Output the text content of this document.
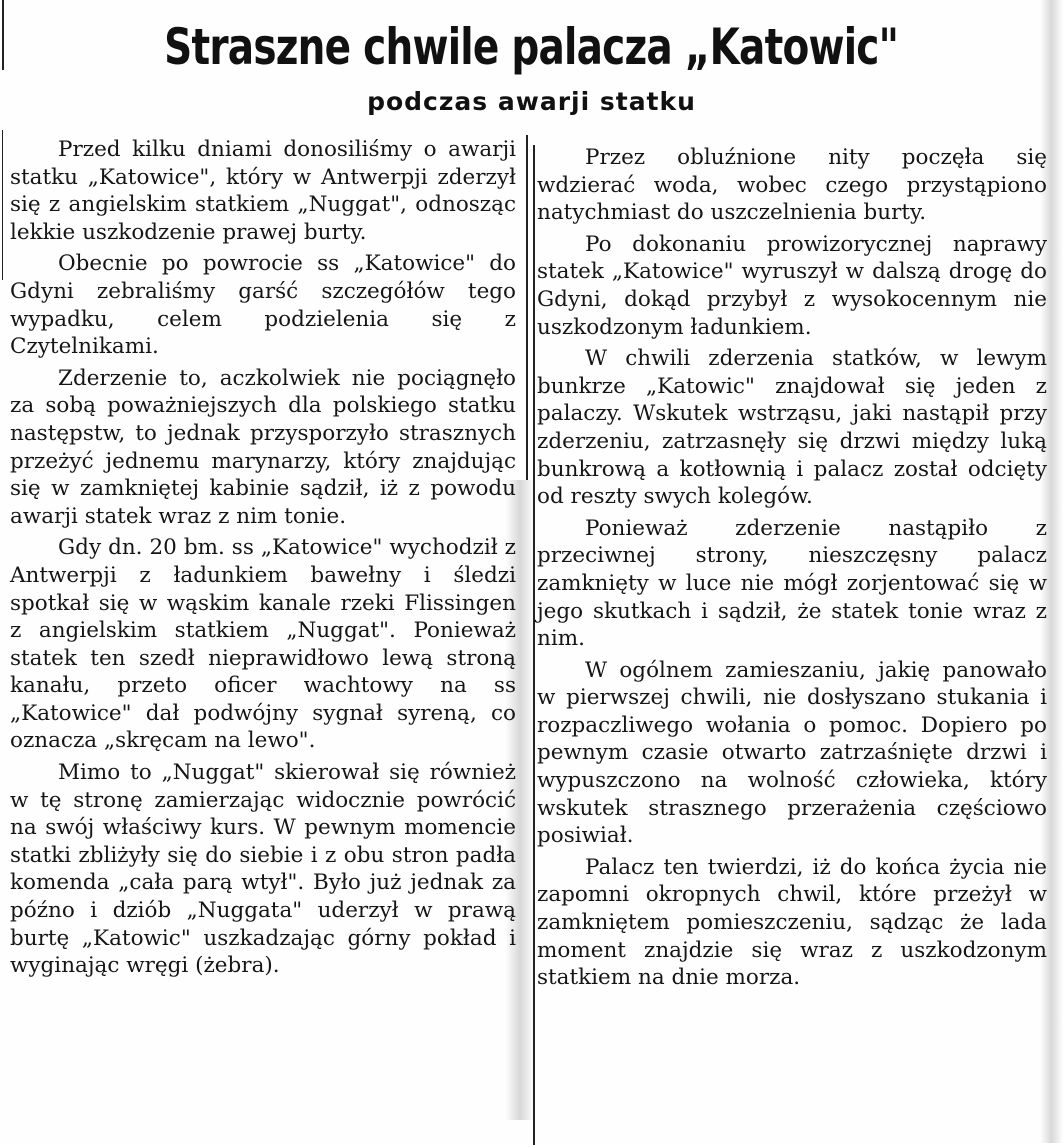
Straszne chwile palacza „Katowic"
podczas awarji statku

Przed kilku dniami donosiliśmy o awarji statku „Katowice", który w Antwerpji zderzył się z angielskim statkiem „Nuggat", odnosząc lekkie uszkodzenie prawej burty.

Obecnie po powrocie ss „Katowice" do Gdyni zebraliśmy garść szczegółów tego wypadku, celem podzielenia się z Czytelnikami.

Zderzenie to, aczkolwiek nie pociągnęło za sobą poważniejszych dla polskiego statku następstw, to jednak przysporzyło strasznych przeżyć jednemu marynarzy, który znajdując się w zamkniętej kabinie sądził, iż z powodu awarji statek wraz z nim tonie.

Gdy dn. 20 bm. ss „Katowice" wychodził z Antwerpji z ładunkiem bawełny i śledzi spotkał się w wąskim kanale rzeki Flissingen z angielskim statkiem „Nuggat". Ponieważ statek ten szedł nieprawidłowo lewą stroną kanału, przeto oficer wachtowy na ss „Katowice" dał podwójny sygnał syreną, co oznacza „skręcam na lewo".

Mimo to „Nuggat" skierował się również w tę stronę zamierzając widocznie powrócić na swój właściwy kurs. W pewnym momencie statki zbliżyły się do siebie i z obu stron padła komenda „cała parą wtył". Było już jednak za późno i dziób „Nuggata" uderzył w prawą burtę „Katowic" uszkadzając górny pokład i wyginając wręgi (żebra).

Przez obluźnione nity poczęła się wdzierać woda, wobec czego przystąpiono natychmiast do uszczelnienia burty.

Po dokonaniu prowizorycznej naprawy statek „Katowice" wyruszył w dalszą drogę do Gdyni, dokąd przybył z wysokocennym nie uszkodzonym ładunkiem.

W chwili zderzenia statków, w lewym bunkrze „Katowic" znajdował się jeden z palaczy. Wskutek wstrząsu, jaki nastąpił przy zderzeniu, zatrzasnęły się drzwi między luką bunkrową a kotłownią i palacz został odcięty od reszty swych kolegów.

Ponieważ zderzenie nastąpiło z przeciwnej strony, nieszczęsny palacz zamknięty w luce nie mógł zorjentować się w jego skutkach i sądził, że statek tonie wraz z nim.

W ogólnem zamieszaniu, jakię panowało w pierwszej chwili, nie dosłyszano stukania i rozpaczliwego wołania o pomoc. Dopiero po pewnym czasie otwarto zatrzaśnięte drzwi i wypuszczono na wolność człowieka, który wskutek strasznego przerażenia częściowo posiwiał.

Palacz ten twierdzi, iż do końca życia nie zapomni okropnych chwil, które przeżył w zamkniętem pomieszczeniu, sądząc że lada moment znajdzie się wraz z uszkodzonym statkiem na dnie morza.
